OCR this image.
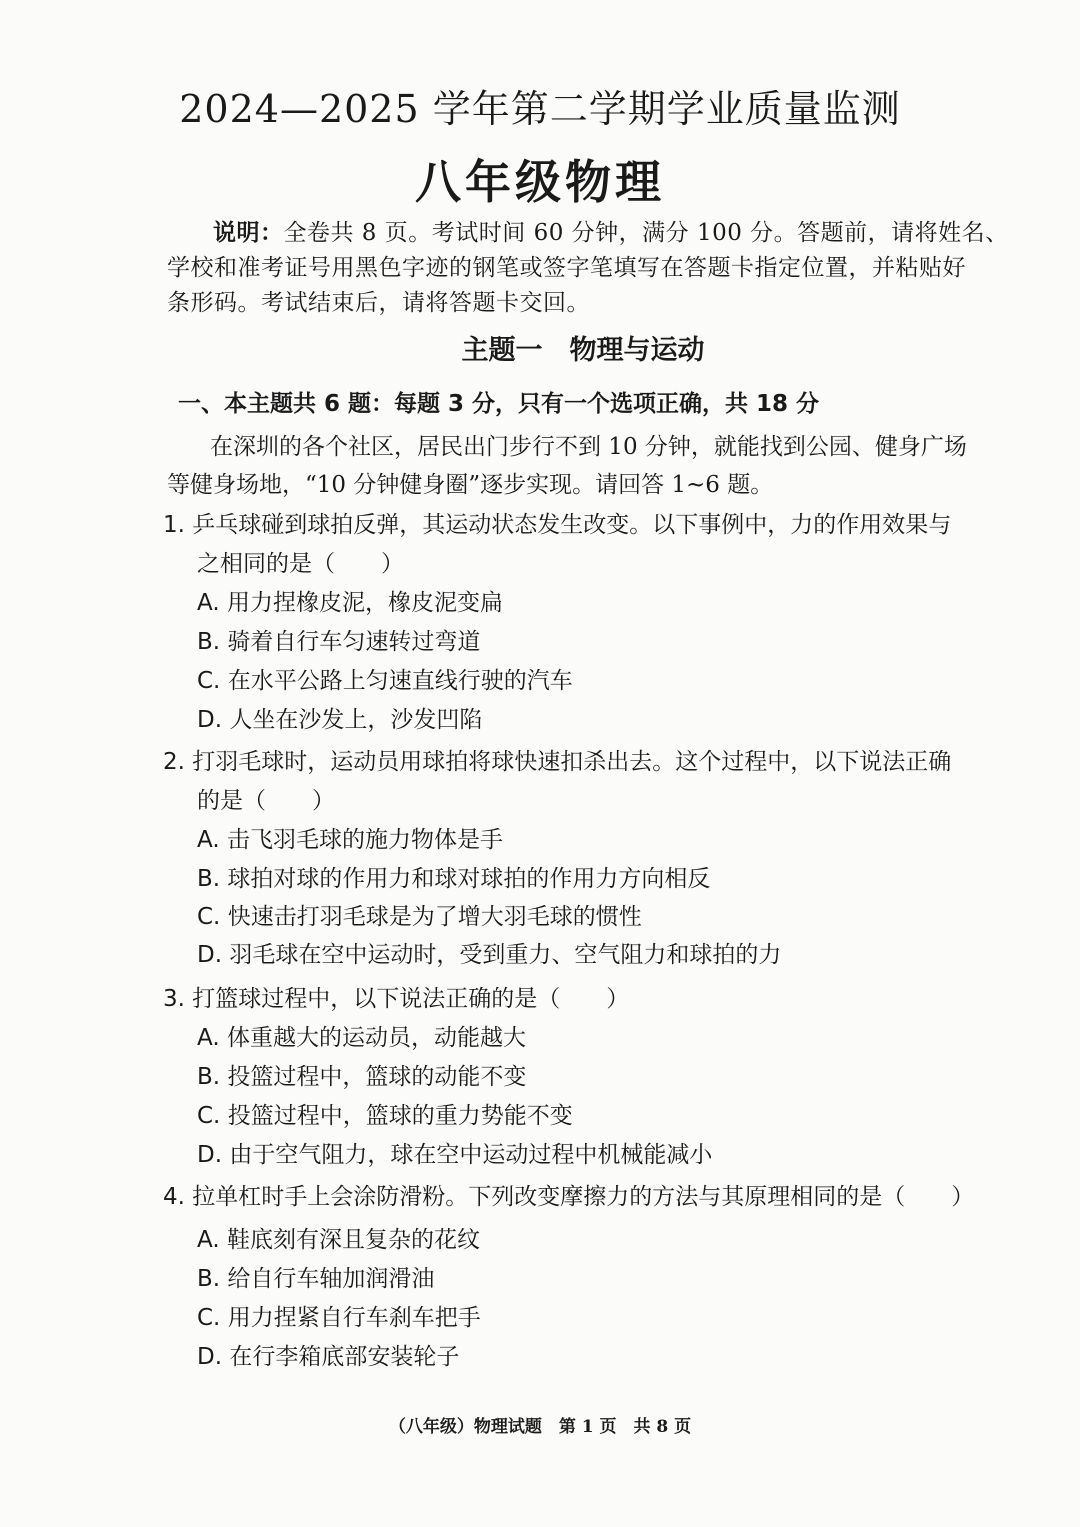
2024—2025 学年第二学期学业质量监测
八年级物理
说明：全卷共 8 页。考试时间 60 分钟，满分 100 分。答题前，请将姓名、
学校和准考证号用黑色字迹的钢笔或签字笔填写在答题卡指定位置，并粘贴好
条形码。考试结束后，请将答题卡交回。
主题一　物理与运动
一、本主题共 6 题：每题 3 分，只有一个选项正确，共 18 分
在深圳的各个社区，居民出门步行不到 10 分钟，就能找到公园、健身广场
等健身场地，“10 分钟健身圈”逐步实现。请回答 1~6 题。
1. 乒乓球碰到球拍反弹，其运动状态发生改变。以下事例中，力的作用效果与
之相同的是（　　）
A. 用力捏橡皮泥，橡皮泥变扁
B. 骑着自行车匀速转过弯道
C. 在水平公路上匀速直线行驶的汽车
D. 人坐在沙发上，沙发凹陷
2. 打羽毛球时，运动员用球拍将球快速扣杀出去。这个过程中，以下说法正确
的是（　　）
A. 击飞羽毛球的施力物体是手
B. 球拍对球的作用力和球对球拍的作用力方向相反
C. 快速击打羽毛球是为了增大羽毛球的惯性
D. 羽毛球在空中运动时，受到重力、空气阻力和球拍的力
3. 打篮球过程中，以下说法正确的是（　　）
A. 体重越大的运动员，动能越大
B. 投篮过程中，篮球的动能不变
C. 投篮过程中，篮球的重力势能不变
D. 由于空气阻力，球在空中运动过程中机械能减小
4. 拉单杠时手上会涂防滑粉。下列改变摩擦力的方法与其原理相同的是（　　）
A. 鞋底刻有深且复杂的花纹
B. 给自行车轴加润滑油
C. 用力捏紧自行车刹车把手
D. 在行李箱底部安装轮子
（八年级）物理试题　第 1 页　共 8 页
